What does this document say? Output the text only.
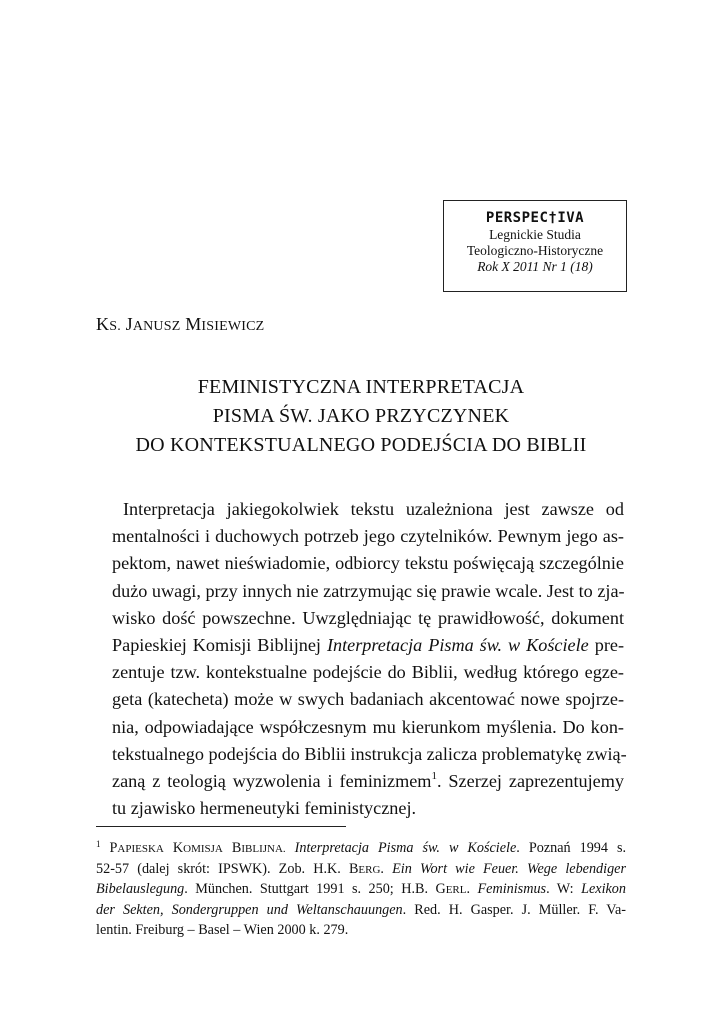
PERSPEC†IVA
Legnickie Studia
Teologiczno-Historyczne
Rok X 2011 Nr 1 (18)
KS. JANUSZ MISIEWICZ
FEMINISTYCZNA INTERPRETACJA
PISMA ŚW. JAKO PRZYCZYNEK
DO KONTEKSTUALNEGO PODEJŚCIA DO BIBLII
Interpretacja jakiegokolwiek tekstu uzależniona jest zawsze od
mentalności i duchowych potrzeb jego czytelników. Pewnym jego as-
pektom, nawet nieświadomie, odbiorcy tekstu poświęcają szczególnie
dużo uwagi, przy innych nie zatrzymując się prawie wcale. Jest to zja-
wisko dość powszechne. Uwzględniając tę prawidłowość, dokument
Papieskiej Komisji Biblijnej Interpretacja Pisma św. w Kościele pre-
zentuje tzw. kontekstualne podejście do Biblii, według którego egze-
geta (katecheta) może w swych badaniach akcentować nowe spojrze-
nia, odpowiadające współczesnym mu kierunkom myślenia. Do kon-
tekstualnego podejścia do Biblii instrukcja zalicza problematykę zwią-
zaną z teologią wyzwolenia i feminizmem$^1$. Szerzej zaprezentujemy
tu zjawisko hermeneutyki feministycznej.
$^1$ PAPIESKA KOMISJA BIBLIJNA. Interpretacja Pisma św. w Kościele. Poznań 1994 s.
52-57 (dalej skrót: IPSWK). Zob. H.K. BERG. Ein Wort wie Feuer. Wege lebendiger
Bibelauslegung. München. Stuttgart 1991 s. 250; H.B. GERL. Feminismus. W: Lexikon
der Sekten, Sondergruppen und Weltanschauungen. Red. H. Gasper. J. Müller. F. Va-
lentin. Freiburg – Basel – Wien 2000 k. 279.
